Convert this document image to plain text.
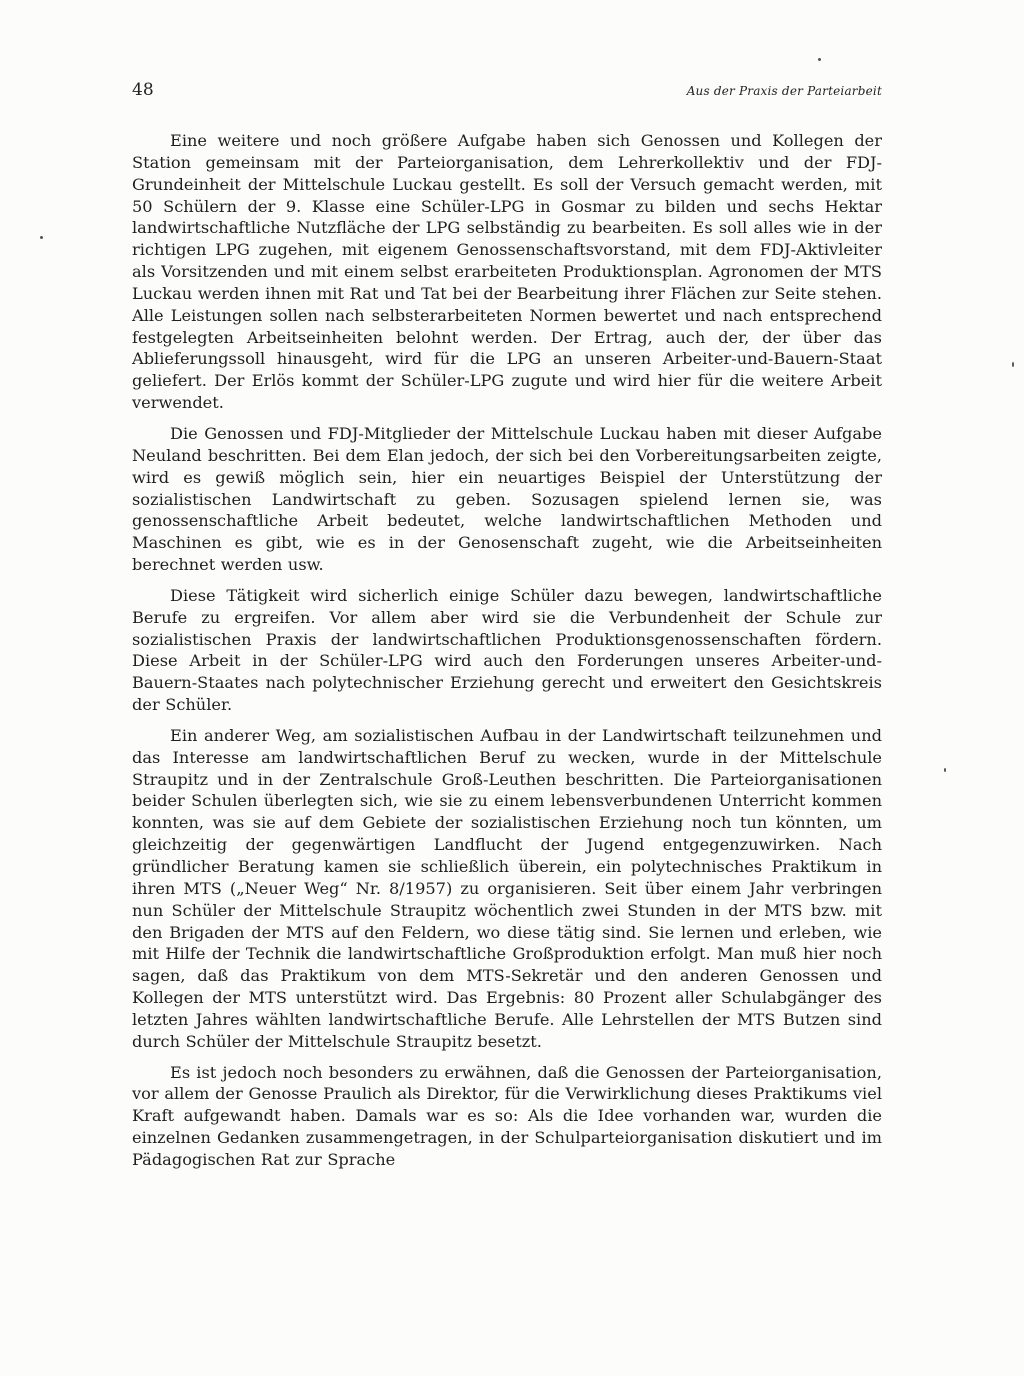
48	Aus der Praxis der Parteiarbeit

Eine weitere und noch größere Aufgabe haben sich Genossen und Kollegen der Station gemeinsam mit der Parteiorganisation, dem Lehrerkollektiv und der FDJ-Grundeinheit der Mittelschule Luckau gestellt. Es soll der Versuch gemacht werden, mit 50 Schülern der 9. Klasse eine Schüler-LPG in Gosmar zu bilden und sechs Hektar landwirtschaftliche Nutzfläche der LPG selbständig zu bearbeiten. Es soll alles wie in der richtigen LPG zugehen, mit eigenem Genossenschaftsvorstand, mit dem FDJ-Aktivleiter als Vorsitzenden und mit einem selbst erarbeiteten Produktionsplan. Agronomen der MTS Luckau werden ihnen mit Rat und Tat bei der Bearbeitung ihrer Flächen zur Seite stehen. Alle Leistungen sollen nach selbsterarbeiteten Normen bewertet und nach entsprechend festgelegten Arbeitseinheiten belohnt werden. Der Ertrag, auch der, der über das Ablieferungssoll hinausgeht, wird für die LPG an unseren Arbeiter-und-Bauern-Staat geliefert. Der Erlös kommt der Schüler-LPG zugute und wird hier für die weitere Arbeit verwendet.

Die Genossen und FDJ-Mitglieder der Mittelschule Luckau haben mit dieser Aufgabe Neuland beschritten. Bei dem Elan jedoch, der sich bei den Vorbereitungsarbeiten zeigte, wird es gewiß möglich sein, hier ein neuartiges Beispiel der Unterstützung der sozialistischen Landwirtschaft zu geben. Sozusagen spielend lernen sie, was genossenschaftliche Arbeit bedeutet, welche landwirtschaftlichen Methoden und Maschinen es gibt, wie es in der Genosenschaft zugeht, wie die Arbeitseinheiten berechnet werden usw.

Diese Tätigkeit wird sicherlich einige Schüler dazu bewegen, landwirtschaftliche Berufe zu ergreifen. Vor allem aber wird sie die Verbundenheit der Schule zur sozialistischen Praxis der landwirtschaftlichen Produktionsgenossenschaften fördern. Diese Arbeit in der Schüler-LPG wird auch den Forderungen unseres Arbeiter-und-Bauern-Staates nach polytechnischer Erziehung gerecht und erweitert den Gesichtskreis der Schüler.

Ein anderer Weg, am sozialistischen Aufbau in der Landwirtschaft teilzunehmen und das Interesse am landwirtschaftlichen Beruf zu wecken, wurde in der Mittelschule Straupitz und in der Zentralschule Groß-Leuthen beschritten. Die Parteiorganisationen beider Schulen überlegten sich, wie sie zu einem lebensverbundenen Unterricht kommen konnten, was sie auf dem Gebiete der sozialistischen Erziehung noch tun könnten, um gleichzeitig der gegenwärtigen Landflucht der Jugend entgegenzuwirken. Nach gründlicher Beratung kamen sie schließlich überein, ein polytechnisches Praktikum in ihren MTS („Neuer Weg“ Nr. 8/1957) zu organisieren. Seit über einem Jahr verbringen nun Schüler der Mittelschule Straupitz wöchentlich zwei Stunden in der MTS bzw. mit den Brigaden der MTS auf den Feldern, wo diese tätig sind. Sie lernen und erleben, wie mit Hilfe der Technik die landwirtschaftliche Großproduktion erfolgt. Man muß hier noch sagen, daß das Praktikum von dem MTS-Sekretär und den anderen Genossen und Kollegen der MTS unterstützt wird. Das Ergebnis: 80 Prozent aller Schulabgänger des letzten Jahres wählten landwirtschaftliche Berufe. Alle Lehrstellen der MTS Butzen sind durch Schüler der Mittelschule Straupitz besetzt.

Es ist jedoch noch besonders zu erwähnen, daß die Genossen der Parteiorganisation, vor allem der Genosse Praulich als Direktor, für die Verwirklichung dieses Praktikums viel Kraft aufgewandt haben. Damals war es so: Als die Idee vorhanden war, wurden die einzelnen Gedanken zusammengetragen, in der Schulparteiorganisation diskutiert und im Pädagogischen Rat zur Sprache
